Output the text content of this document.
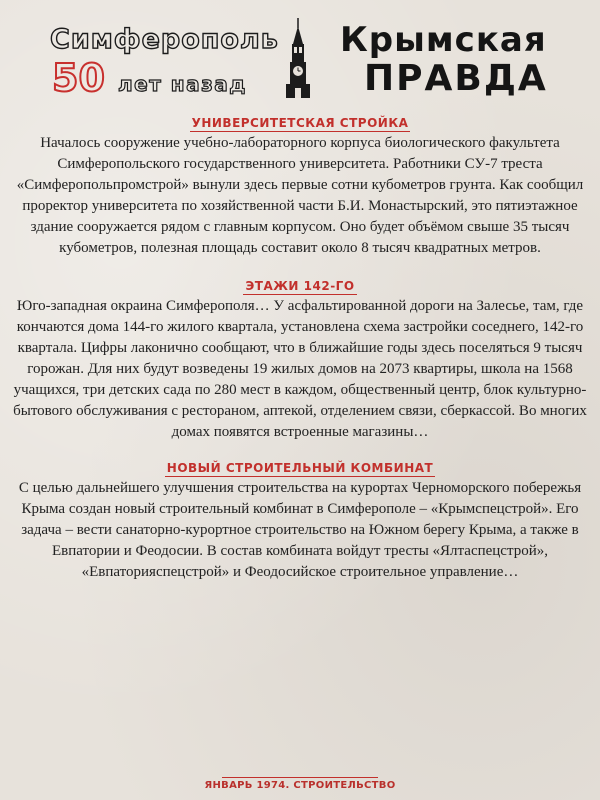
Симферополь
50 лет назад
Крымская
ПРАВДА
УНИВЕРСИТЕТСКАЯ СТРОЙКА

Началось сооружение учебно-лабораторного корпуса биологического факультета Симферопольского государственного университета. Работники СУ-7 треста «Симферопольпромстрой» вынули здесь первые сотни кубометров грунта. Как сообщил проректор университета по хозяйственной части Б.И. Монастырский, это пятиэтажное здание сооружается рядом с главным корпусом. Оно будет объёмом свыше 35 тысяч кубометров, полезная площадь составит около 8 тысяч квадратных метров.

ЭТАЖИ 142-ГО

Юго-западная окраина Симферополя… У асфальтированной дороги на Залесье, там, где кончаются дома 144-го жилого квартала, установлена схема застройки соседнего, 142-го квартала. Цифры лаконично сообщают, что в ближайшие годы здесь поселяться 9 тысяч горожан. Для них будут возведены 19 жилых домов на 2073 квартиры, школа на 1568 учащихся, три детских сада по 280 мест в каждом, общественный центр, блок культурно-бытового обслуживания с рестораном, аптекой, отделением связи, сберкассой. Во многих домах появятся встроенные магазины…

НОВЫЙ СТРОИТЕЛЬНЫЙ КОМБИНАТ

С целью дальнейшего улучшения строительства на курортах Черноморского побережья Крыма создан новый строительный комбинат в Симферополе – «Крымспецстрой». Его задача – вести санаторно-курортное строительство на Южном берегу Крыма, а также в Евпатории и Феодосии. В состав комбината войдут тресты «Ялтаспецстрой», «Евпаторияспецстрой» и Феодосийское строительное управление…

ЯНВАРЬ 1974. СТРОИТЕЛЬСТВО
